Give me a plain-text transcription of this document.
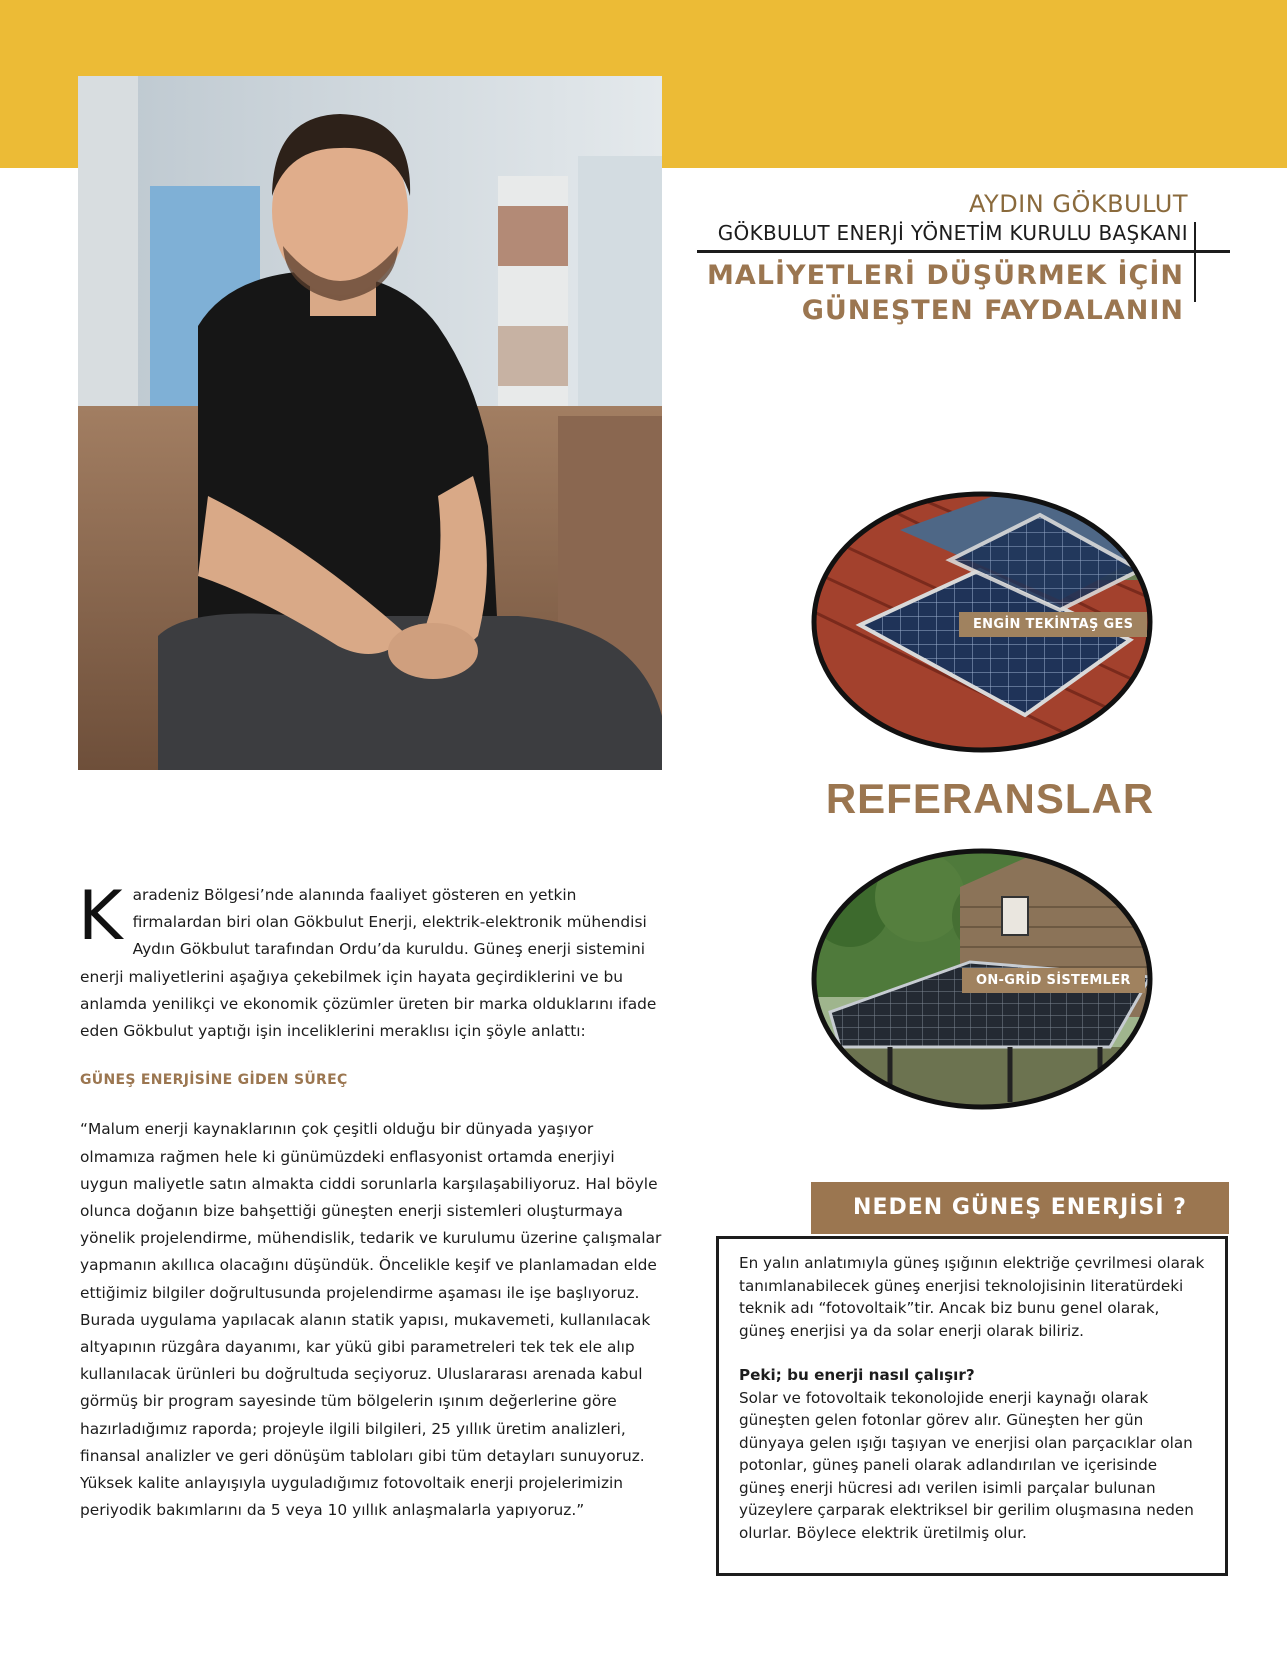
AYDIN GÖKBULUT
GÖKBULUT ENERJİ YÖNETİM KURULU BAŞKANI
MALİYETLERİ DÜŞÜRMEK İÇİN
GÜNEŞTEN FAYDALANIN
ENGİN TEKİNTAŞ GES
REFERANSLAR
ON-GRİD SİSTEMLER

Karadeniz Bölgesi’nde alanında faaliyet gösteren en yetkin firmalardan biri olan Gökbulut Enerji, elektrik-elektronik mühendisi Aydın Gökbulut tarafından Ordu’da kuruldu. Güneş enerji sistemini enerji maliyetlerini aşağıya çekebilmek için hayata geçirdiklerini ve bu anlamda yenilikçi ve ekonomik çözümler üreten bir marka olduklarını ifade eden Gökbulut yaptığı işin inceliklerini meraklısı için şöyle anlattı:

GÜNEŞ ENERJİSİNE GİDEN SÜREÇ

“Malum enerji kaynaklarının çok çeşitli olduğu bir dünyada yaşıyor olmamıza rağmen hele ki günümüzdeki enflasyonist ortamda enerjiyi uygun maliyetle satın almakta ciddi sorunlarla karşılaşabiliyoruz. Hal böyle olunca doğanın bize bahşettiği güneşten enerji sistemleri oluşturmaya yönelik projelendirme, mühendislik, tedarik ve kurulumu üzerine çalışmalar yapmanın akıllıca olacağını düşündük. Öncelikle keşif ve planlamadan elde ettiğimiz bilgiler doğrultusunda projelendirme aşaması ile işe başlıyoruz. Burada uygulama yapılacak alanın statik yapısı, mukavemeti, kullanılacak altyapının rüzgâra dayanımı, kar yükü gibi parametreleri tek tek ele alıp kullanılacak ürünleri bu doğrultuda seçiyoruz. Uluslararası arenada kabul görmüş bir program sayesinde tüm bölgelerin ışınım değerlerine göre hazırladığımız raporda; projeyle ilgili bilgileri, 25 yıllık üretim analizleri, finansal analizler ve geri dönüşüm tabloları gibi tüm detayları sunuyoruz. Yüksek kalite anlayışıyla uyguladığımız fotovoltaik enerji projelerimizin periyodik bakımlarını da 5 veya 10 yıllık anlaşmalarla yapıyoruz.”

NEDEN GÜNEŞ ENERJİSİ ?

En yalın anlatımıyla güneş ışığının elektriğe çevrilmesi olarak tanımlanabilecek güneş enerjisi teknolojisinin literatürdeki teknik adı “fotovoltaik”tir. Ancak biz bunu genel olarak, güneş enerjisi ya da solar enerji olarak biliriz.

Peki; bu enerji nasıl çalışır?

Solar ve fotovoltaik tekonolojide enerji kaynağı olarak güneşten gelen fotonlar görev alır. Güneşten her gün dünyaya gelen ışığı taşıyan ve enerjisi olan parçacıklar olan potonlar, güneş paneli olarak adlandırılan ve içerisinde güneş enerji hücresi adı verilen isimli parçalar bulunan yüzeylere çarparak elektriksel bir gerilim oluşmasına neden olurlar. Böylece elektrik üretilmiş olur.
